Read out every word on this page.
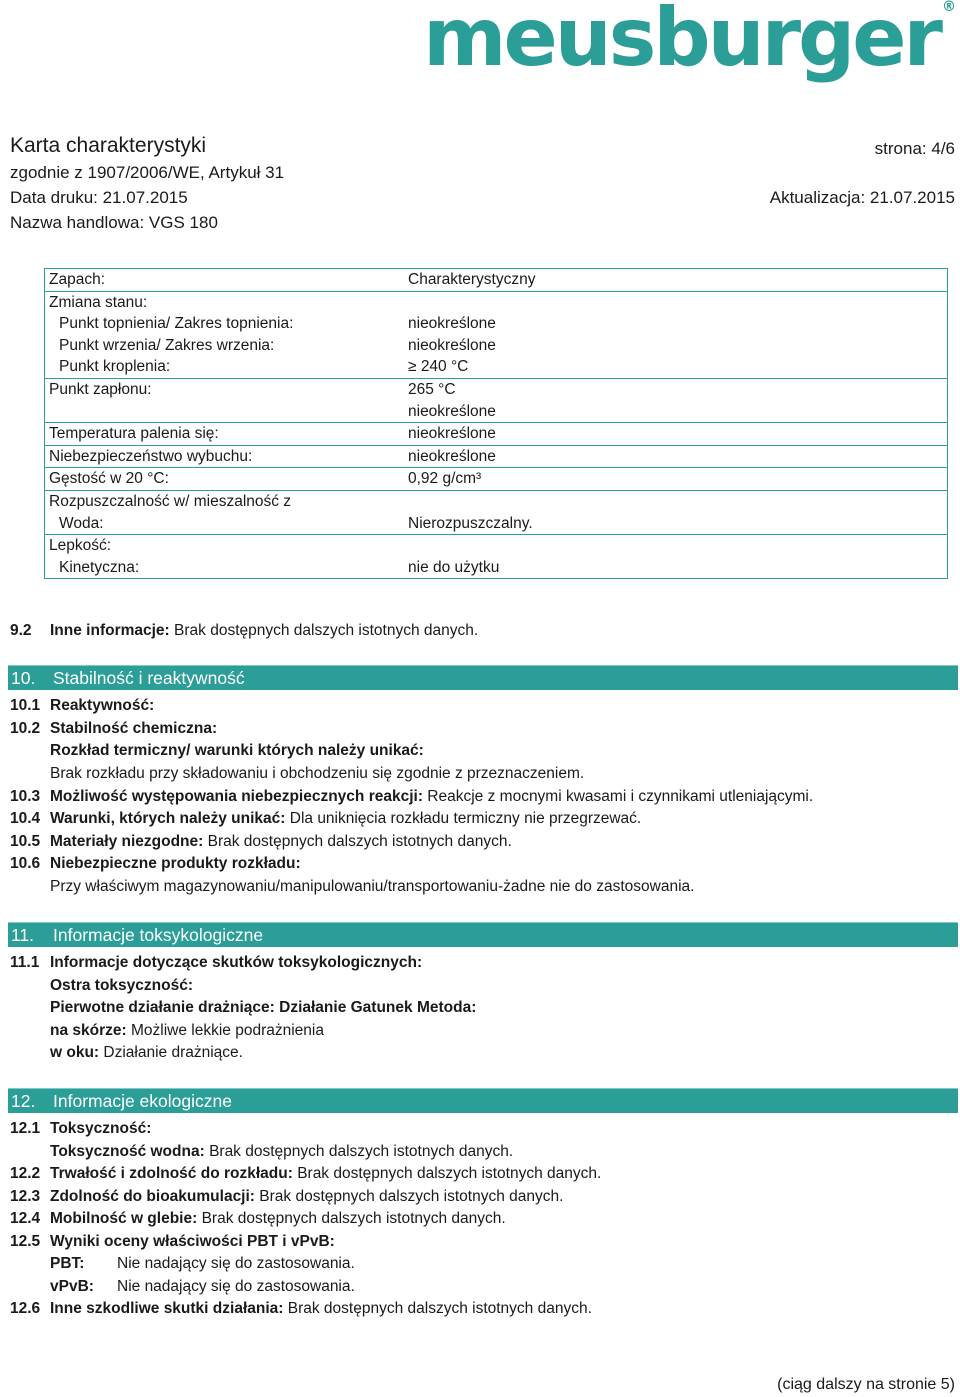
meusburger ®
Karta charakterystyki	strona: 4/6
zgodnie z 1907/2006/WE, Artykuł 31
Data druku: 21.07.2015	Aktualizacja: 21.07.2015
Nazwa handlowa: VGS 180
Zapach:	Charakterystyczny
Zmiana stanu:	
Punkt topnienia/ Zakres topnienia:	nieokreślone
Punkt wrzenia/ Zakres wrzenia:	nieokreślone
Punkt kroplenia:	≥ 240 °C
Punkt zapłonu:	265 °C
	nieokreślone
Temperatura palenia się:	nieokreślone
Niebezpieczeństwo wybuchu:	nieokreślone
Gęstość w 20 °C:	0,92 g/cm³
Rozpuszczalność w/ mieszalność z	
Woda:	Nierozpuszczalny.
Lepkość:	
Kinetyczna:	nie do użytku
9.2 Inne informacje: Brak dostępnych dalszych istotnych danych.
10. Stabilność i reaktywność
10.1 Reaktywność:
10.2 Stabilność chemiczna:
Rozkład termiczny/ warunki których należy unikać:
Brak rozkładu przy składowaniu i obchodzeniu się zgodnie z przeznaczeniem.
10.3 Możliwość występowania niebezpiecznych reakcji: Reakcje z mocnymi kwasami i czynnikami utleniającymi.
10.4 Warunki, których należy unikać: Dla uniknięcia rozkładu termiczny nie przegrzewać.
10.5 Materiały niezgodne: Brak dostępnych dalszych istotnych danych.
10.6 Niebezpieczne produkty rozkładu:
Przy właściwym magazynowaniu/manipulowaniu/transportowaniu-żadne nie do zastosowania.
11. Informacje toksykologiczne
11.1 Informacje dotyczące skutków toksykologicznych:
Ostra toksyczność:
Pierwotne działanie drażniące: Działanie Gatunek Metoda:
na skórze: Możliwe lekkie podrażnienia
w oku: Działanie drażniące.
12. Informacje ekologiczne
12.1 Toksyczność:
Toksyczność wodna: Brak dostępnych dalszych istotnych danych.
12.2 Trwałość i zdolność do rozkładu: Brak dostępnych dalszych istotnych danych.
12.3 Zdolność do bioakumulacji: Brak dostępnych dalszych istotnych danych.
12.4 Mobilność w glebie: Brak dostępnych dalszych istotnych danych.
12.5 Wyniki oceny właściwości PBT i vPvB:
PBT: Nie nadający się do zastosowania.
vPvB: Nie nadający się do zastosowania.
12.6 Inne szkodliwe skutki działania: Brak dostępnych dalszych istotnych danych.
(ciąg dalszy na stronie 5)
